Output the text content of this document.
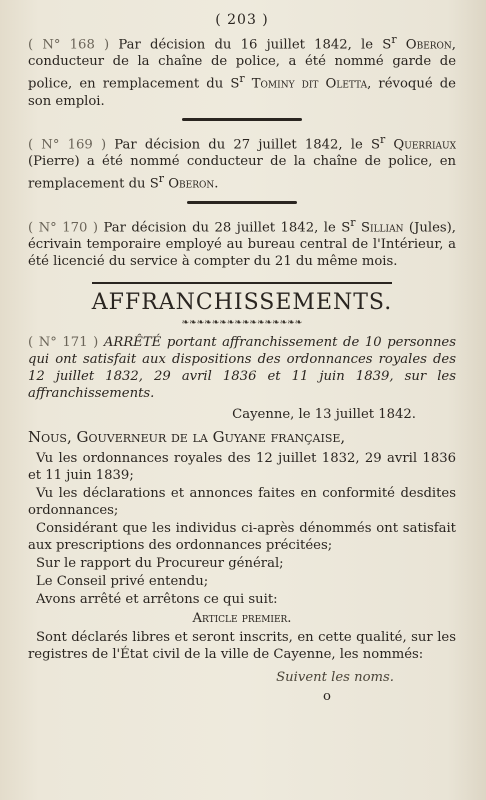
( 203 )

( N° 168 ) Par décision du 16 juillet 1842, le $S^r$ Oberon, conducteur de la chaîne de police, a été nommé garde de police, en remplacement du $S^r$ Tominy dit Oletta, révoqué de son emploi.

( N° 169 ) Par décision du 27 juillet 1842, le $S^r$ Querriaux (Pierre) a été nommé conducteur de la chaîne de police, en remplacement du $S^r$ Oberon.

( N° 170 ) Par décision du 28 juillet 1842, le $S^r$ Sillian (Jules), écrivain temporaire employé au bureau central de l'Intérieur, a été licencié du service à compter du 21 du même mois.

AFFRANCHISSEMENTS.
❧❧❧❧❧❧❧❧❧❧❧❧❧❧❧❧

( N° 171 ) ARRÊTÉ portant affranchissement de 10 personnes qui ont satisfait aux dispositions des ordonnances royales des 12 juillet 1832, 29 avril 1836 et 11 juin 1839, sur les affranchissements.

Cayenne, le 13 juillet 1842.
Nous, Gouverneur de la Guyane française,

Vu les ordonnances royales des 12 juillet 1832, 29 avril 1836 et 11 juin 1839;

Vu les déclarations et annonces faites en conformité desdites ordonnances;

Considérant que les individus ci-après dénommés ont satisfait aux prescriptions des ordonnances précitées;

Sur le rapport du Procureur général;

Le Conseil privé entendu;

Avons arrêté et arrêtons ce qui suit:

Article premier.

Sont déclarés libres et seront inscrits, en cette qualité, sur les registres de l'État civil de la ville de Cayenne, les nommés:

Suivent les noms.
o
